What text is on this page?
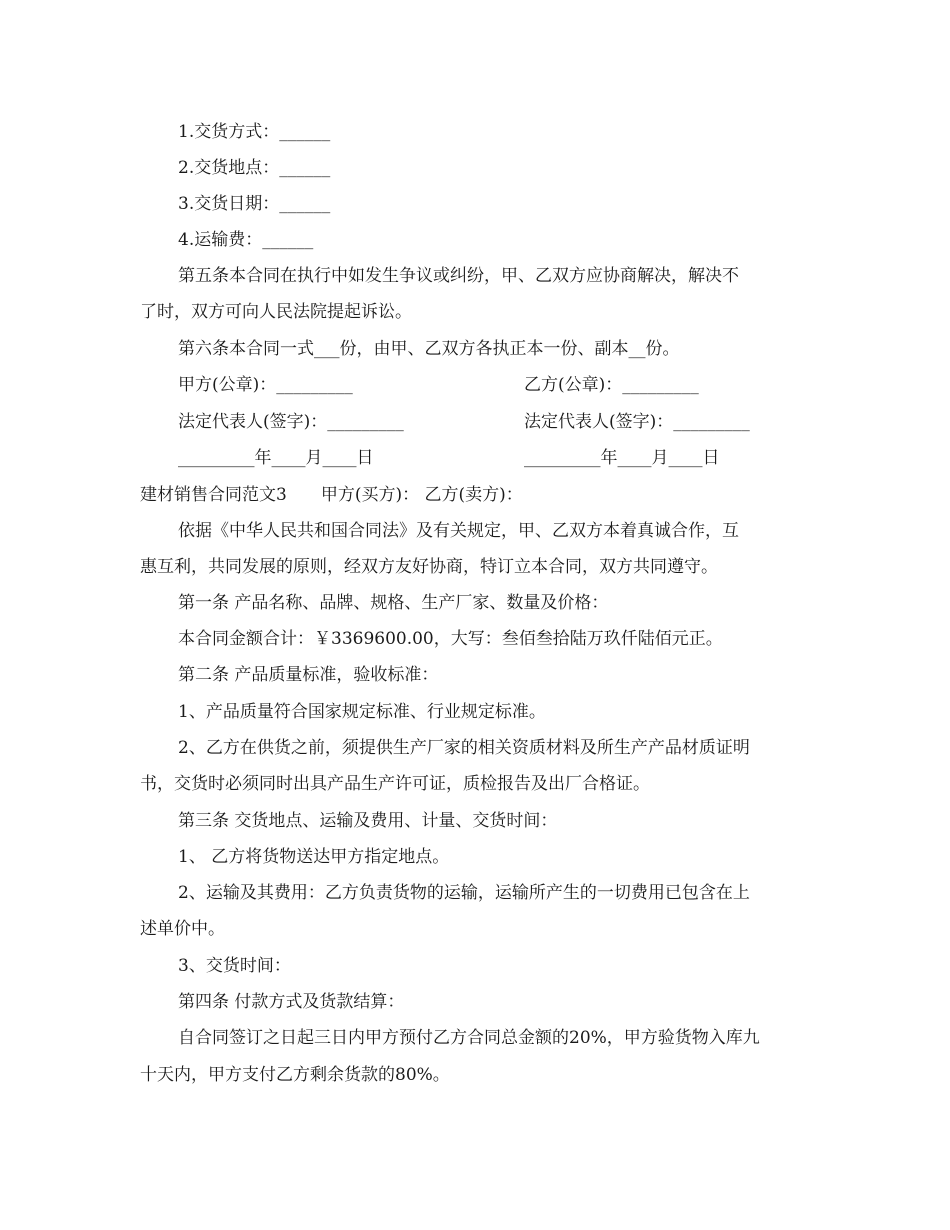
1.交货方式：______
2.交货地点：______
3.交货日期：______
4.运输费：______
第五条本合同在执行中如发生争议或纠纷，甲、乙双方应协商解决，解决不
了时，双方可向人民法院提起诉讼。
第六条本合同一式___份，由甲、乙双方各执正本一份、副本__份。
甲方(公章)：_________	乙方(公章)：_________
法定代表人(签字)：_________	法定代表人(签字)：_________
_________年____月____日	_________年____月____日
建材销售合同范文3　　甲方(买方)： 乙方(卖方)：
依据《中华人民共和国合同法》及有关规定，甲、乙双方本着真诚合作，互
惠互利，共同发展的原则，经双方友好协商，特订立本合同，双方共同遵守。
第一条 产品名称、品牌、规格、生产厂家、数量及价格：
本合同金额合计：￥3369600.00，大写：叁佰叁拾陆万玖仟陆佰元正。
第二条 产品质量标准，验收标准：
1、产品质量符合国家规定标准、行业规定标准。
2、乙方在供货之前，须提供生产厂家的相关资质材料及所生产产品材质证明
书，交货时必须同时出具产品生产许可证，质检报告及出厂合格证。
第三条 交货地点、运输及费用、计量、交货时间：
1、 乙方将货物送达甲方指定地点。
2、运输及其费用：乙方负责货物的运输，运输所产生的一切费用已包含在上
述单价中。
3、交货时间：
第四条 付款方式及货款结算：
自合同签订之日起三日内甲方预付乙方合同总金额的20%，甲方验货物入库九
十天内，甲方支付乙方剩余货款的80%。
